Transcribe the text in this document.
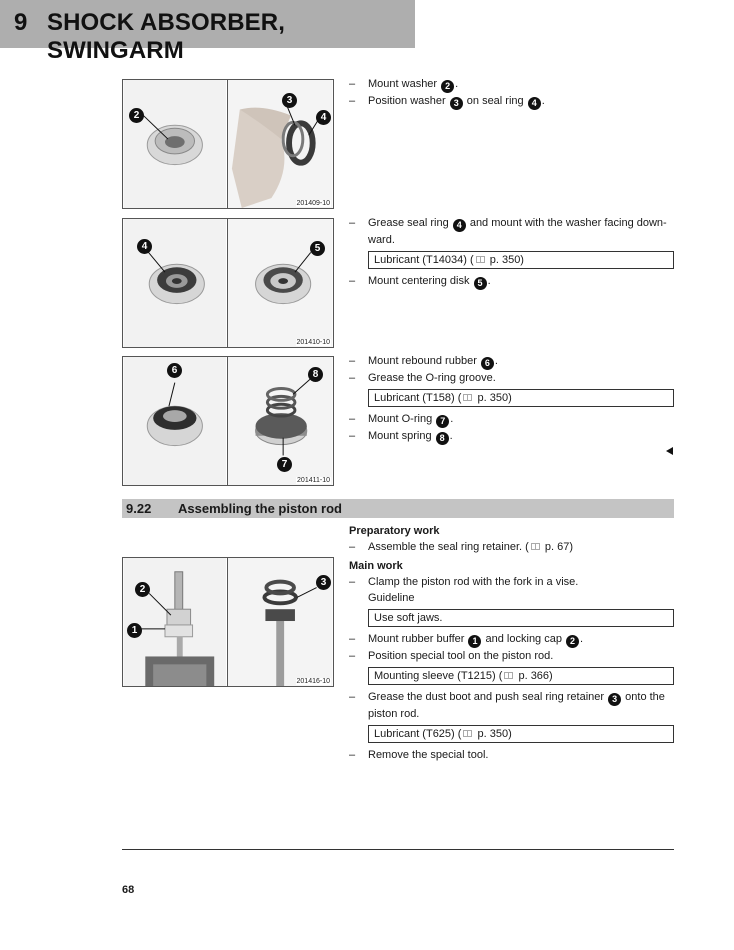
9 SHOCK ABSORBER, SWINGARM
2
3
4
201409-10
4	5
201410-10
6	8
7
201411-10
2
1
3
201416-10
– Mount washer 2 .
– Position washer 3 on seal ring 4 .
– Grease seal ring 4 and mount with the washer facing down-ward.
Lubricant (T14034) ( p. 350)
– Mount centering disk 5 .
– Mount rebound rubber 6 .
– Grease the O-ring groove.
Lubricant (T158) ( p. 350)
– Mount O-ring 7 .
– Mount spring 8 .
9.22 Assembling the piston rod
Preparatory work
– Assemble the seal ring retainer. ( p. 67)
Main work
– Clamp the piston rod with the fork in a vise.
Guideline
Use soft jaws.
– Mount rubber buffer 1 and locking cap 2 .
– Position special tool on the piston rod.
Mounting sleeve (T1215) ( p. 366)
– Grease the dust boot and push seal ring retainer 3 onto the piston rod.
Lubricant (T625) ( p. 350)
– Remove the special tool.
68
